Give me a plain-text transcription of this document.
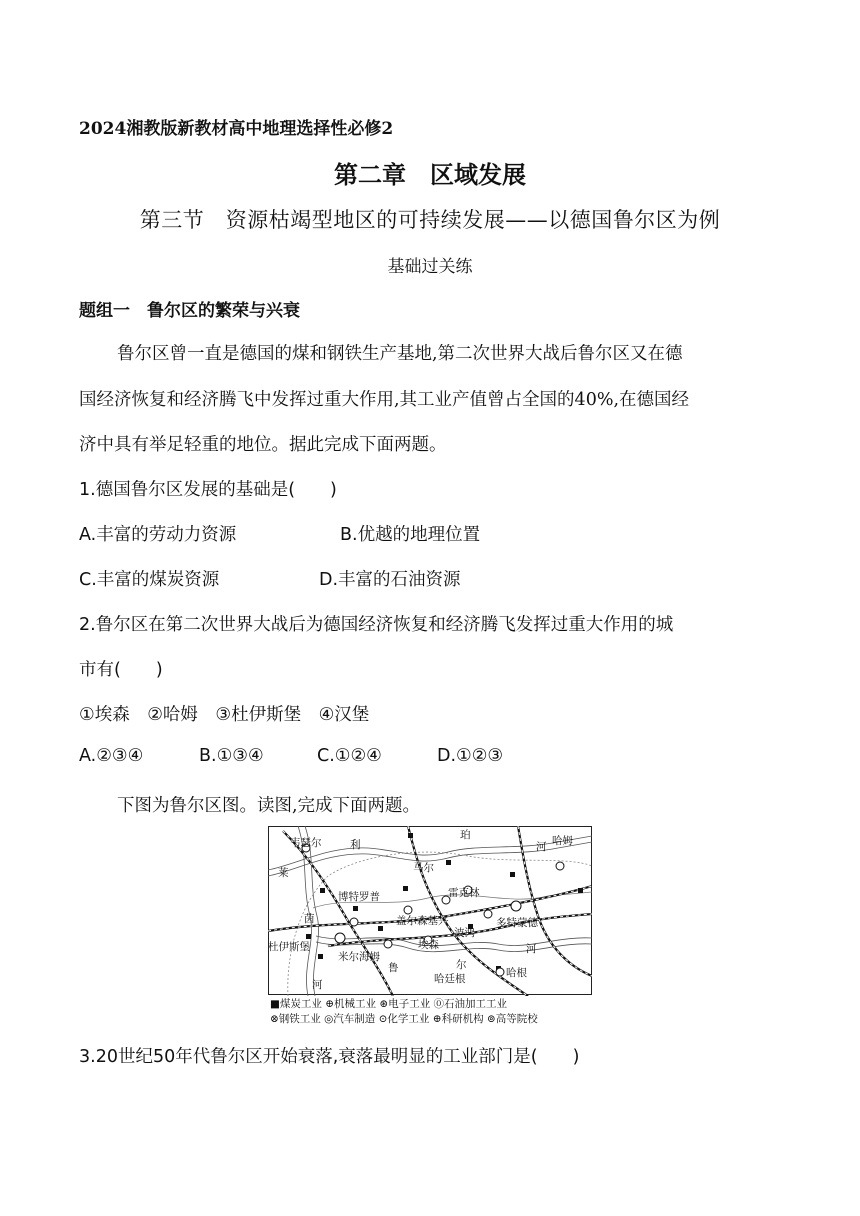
2024湘教版新教材高中地理选择性必修2
第二章　区域发展
第三节　资源枯竭型地区的可持续发展——以德国鲁尔区为例
基础过关练
题组一　鲁尔区的繁荣与兴衰
鲁尔区曾一直是德国的煤和钢铁生产基地,第二次世界大战后鲁尔区又在德
国经济恢复和经济腾飞中发挥过重大作用,其工业产值曾占全国的40%,在德国经
济中具有举足轻重的地位。据此完成下面两题。
1.德国鲁尔区发展的基础是(　　)
A.丰富的劳动力资源	B.优越的地理位置
C.丰富的煤炭资源	D.丰富的石油资源
2.鲁尔区在第二次世界大战后为德国经济恢复和经济腾飞发挥过重大作用的城
市有(　　)
①埃森　②哈姆　③杜伊斯堡　④汉堡
A.②③④	B.①③④	C.①②④	D.①②③
下图为鲁尔区图。读图,完成下面两题。
韦瑟尔	利
珀
河 哈姆
莱
博特罗普
马尔
茵
雷克林
盖尔森基兴
波鸿
多特蒙德
杜伊斯堡	埃森
米尔海姆
鲁	尔
哈廷根	哈根
河
河
■煤炭工业 ⊕机械工业 ⊛电子工业 ⓪石油加工工业
⊗钢铁工业 ◎汽车制造 ⊙化学工业 ⊕科研机构 ⊚高等院校
3.20世纪50年代鲁尔区开始衰落,衰落最明显的工业部门是(　　)
